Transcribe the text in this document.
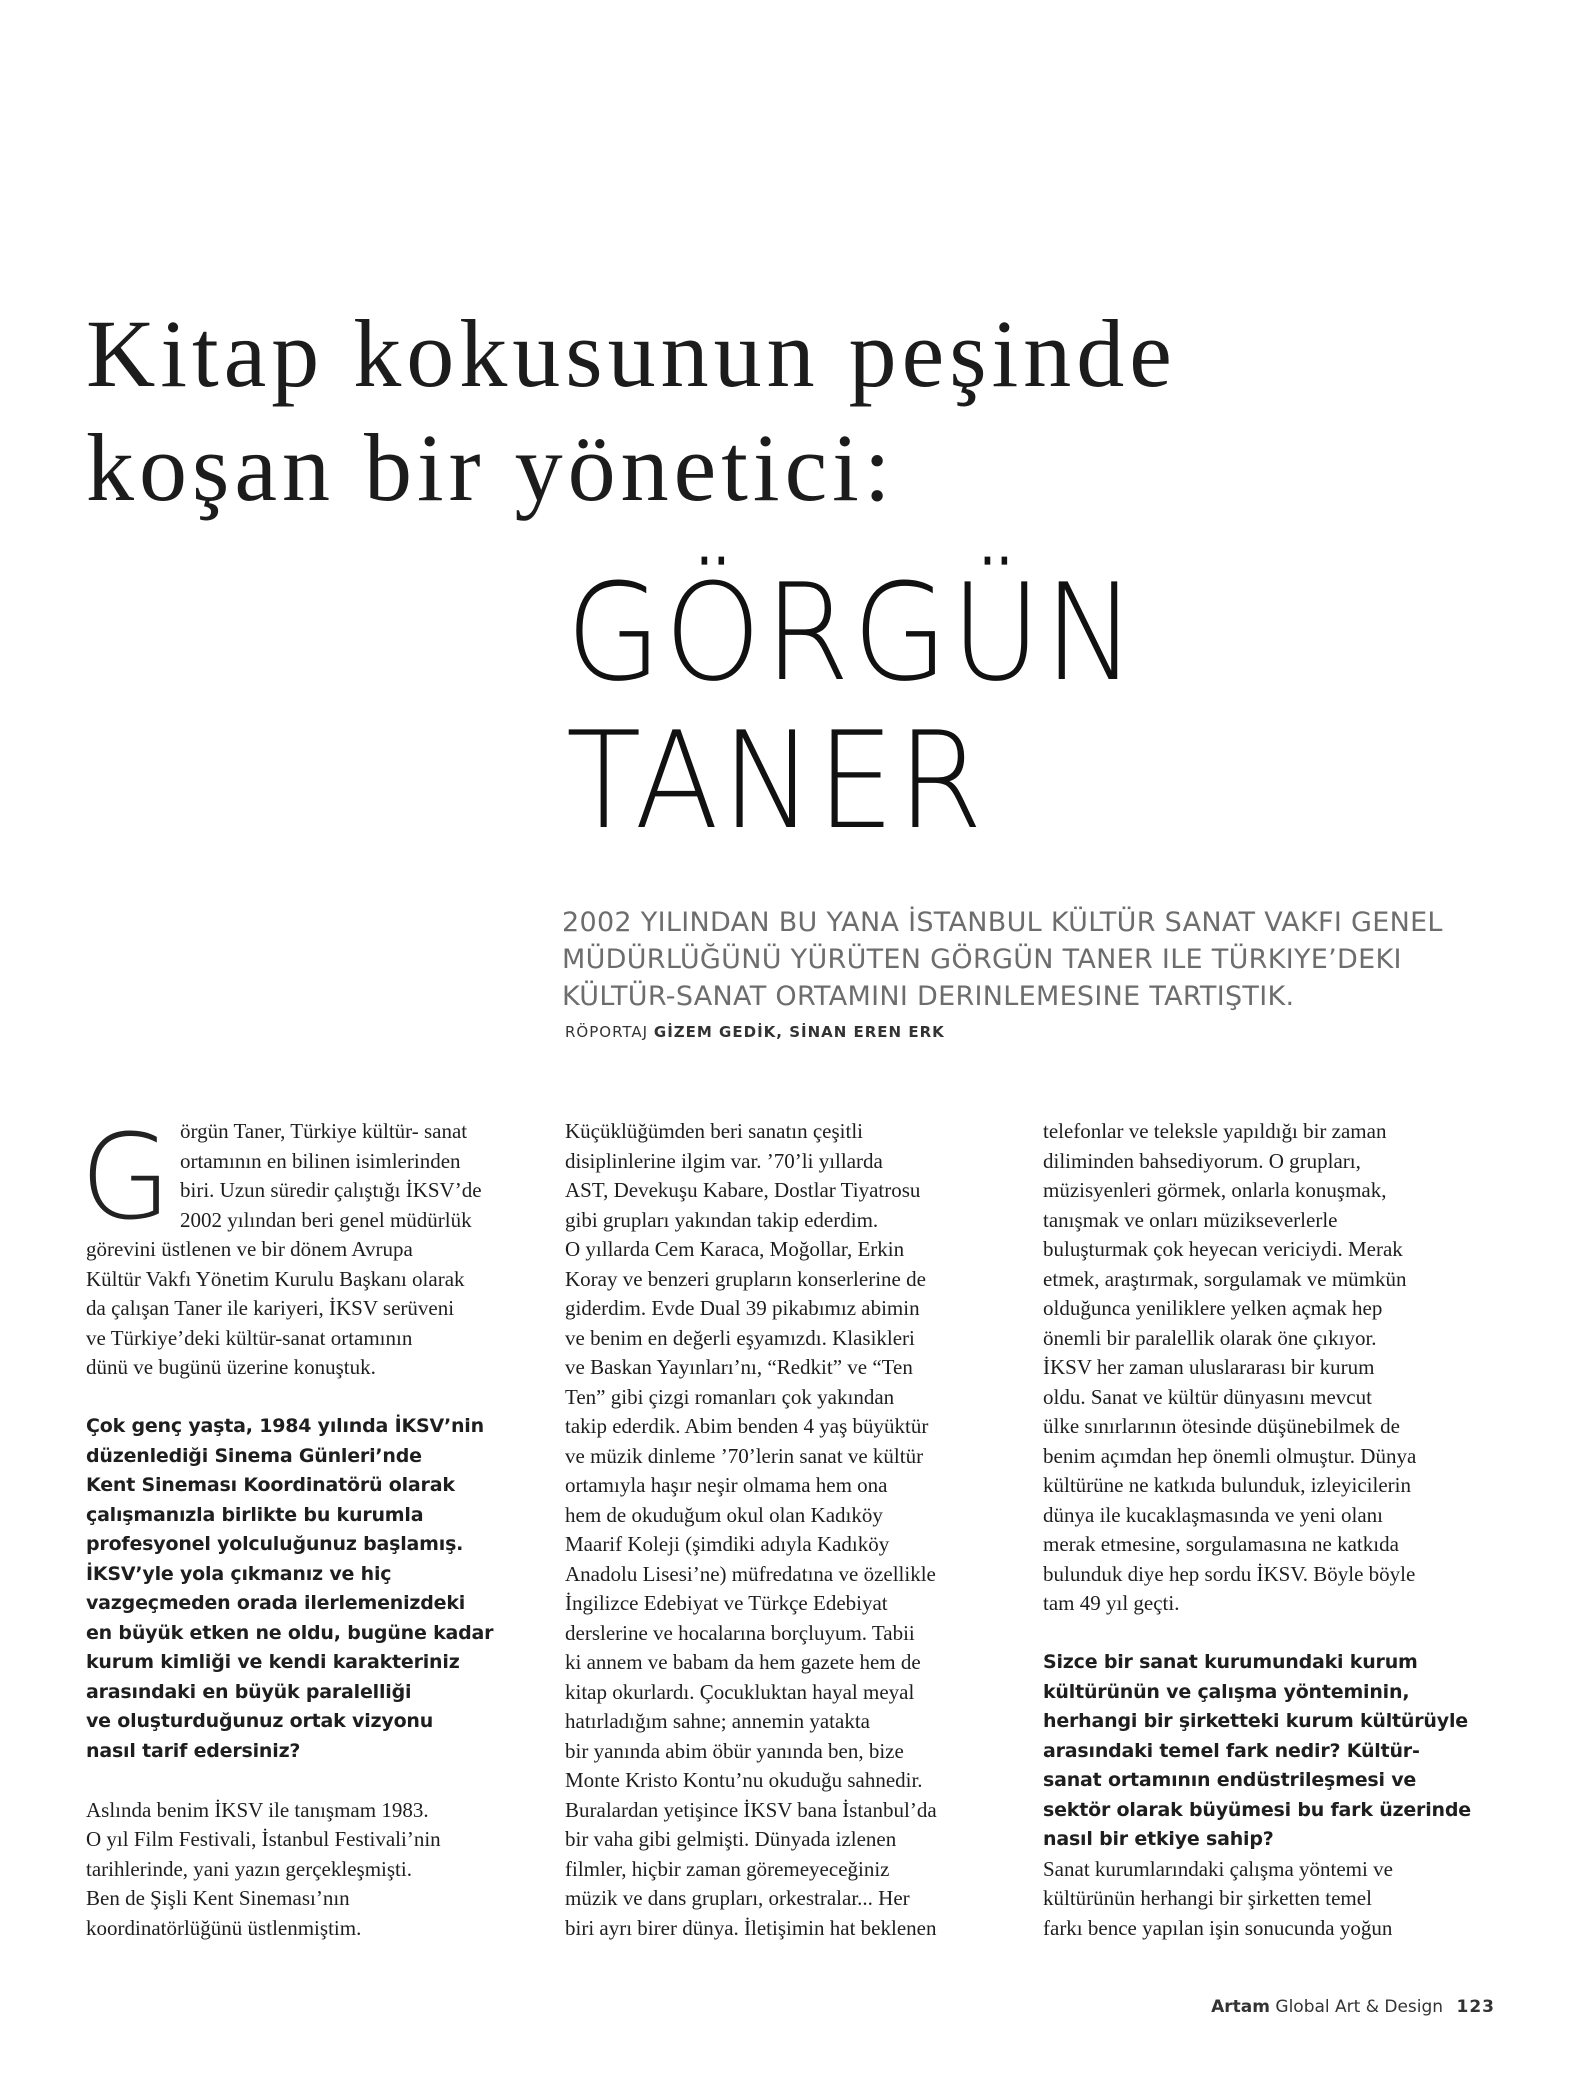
Kitap kokusunun peşinde
koşan bir yönetici:
GÖRGÜN
TANER

2002 YILINDAN BU YANA İSTANBUL KÜLTÜR SANAT VAKFI GENEL

MÜDÜRLÜĞÜNÜ YÜRÜTEN GÖRGÜN TANER ILE TÜRKIYE’DEKI

KÜLTÜR-SANAT ORTAMINI DERINLEMESINE TARTIŞTIK.

RÖPORTAJ GİZEM GEDİK, SİNAN EREN ERK
G örgün Taner, Türkiye kültür- sanat

ortamının en bilinen isimlerinden

biri. Uzun süredir çalıştığı İKSV’de

2002 yılından beri genel müdürlük

görevini üstlenen ve bir dönem Avrupa

Kültür Vakfı Yönetim Kurulu Başkanı olarak

da çalışan Taner ile kariyeri, İKSV serüveni

ve Türkiye’deki kültür-sanat ortamının

dünü ve bugünü üzerine konuştuk.

Çok genç yaşta, 1984 yılında İKSV’nin

düzenlediği Sinema Günleri’nde

Kent Sineması Koordinatörü olarak

çalışmanızla birlikte bu kurumla

profesyonel yolculuğunuz başlamış.

İKSV’yle yola çıkmanız ve hiç

vazgeçmeden orada ilerlemenizdeki

en büyük etken ne oldu, bugüne kadar

kurum kimliği ve kendi karakteriniz

arasındaki en büyük paralelliği

ve oluşturduğunuz ortak vizyonu

nasıl tarif edersiniz?

Aslında benim İKSV ile tanışmam 1983.

O yıl Film Festivali, İstanbul Festivali’nin

tarihlerinde, yani yazın gerçekleşmişti.

Ben de Şişli Kent Sineması’nın

koordinatörlüğünü üstlenmiştim.

Küçüklüğümden beri sanatın çeşitli

disiplinlerine ilgim var. ’70’li yıllarda

AST, Devekuşu Kabare, Dostlar Tiyatrosu

gibi grupları yakından takip ederdim.

O yıllarda Cem Karaca, Moğollar, Erkin

Koray ve benzeri grupların konserlerine de

giderdim. Evde Dual 39 pikabımız abimin

ve benim en değerli eşyamızdı. Klasikleri

ve Baskan Yayınları’nı, “Redkit” ve “Ten

Ten” gibi çizgi romanları çok yakından

takip ederdik. Abim benden 4 yaş büyüktür

ve müzik dinleme ’70’lerin sanat ve kültür

ortamıyla haşır neşir olmama hem ona

hem de okuduğum okul olan Kadıköy

Maarif Koleji (şimdiki adıyla Kadıköy

Anadolu Lisesi’ne) müfredatına ve özellikle

İngilizce Edebiyat ve Türkçe Edebiyat

derslerine ve hocalarına borçluyum. Tabii

ki annem ve babam da hem gazete hem de

kitap okurlardı. Çocukluktan hayal meyal

hatırladığım sahne; annemin yatakta

bir yanında abim öbür yanında ben, bize

Monte Kristo Kontu’nu okuduğu sahnedir.

Buralardan yetişince İKSV bana İstanbul’da

bir vaha gibi gelmişti. Dünyada izlenen

filmler, hiçbir zaman göremeyeceğiniz

müzik ve dans grupları, orkestralar... Her

biri ayrı birer dünya. İletişimin hat beklenen

telefonlar ve teleksle yapıldığı bir zaman

diliminden bahsediyorum. O grupları,

müzisyenleri görmek, onlarla konuşmak,

tanışmak ve onları müzikseverlerle

buluşturmak çok heyecan vericiydi. Merak

etmek, araştırmak, sorgulamak ve mümkün

olduğunca yeniliklere yelken açmak hep

önemli bir paralellik olarak öne çıkıyor.

İKSV her zaman uluslararası bir kurum

oldu. Sanat ve kültür dünyasını mevcut

ülke sınırlarının ötesinde düşünebilmek de

benim açımdan hep önemli olmuştur. Dünya

kültürüne ne katkıda bulunduk, izleyicilerin

dünya ile kucaklaşmasında ve yeni olanı

merak etmesine, sorgulamasına ne katkıda

bulunduk diye hep sordu İKSV. Böyle böyle

tam 49 yıl geçti.

Sizce bir sanat kurumundaki kurum

kültürünün ve çalışma yönteminin,

herhangi bir şirketteki kurum kültürüyle

arasındaki temel fark nedir? Kültür-

sanat ortamının endüstrileşmesi ve

sektör olarak büyümesi bu fark üzerinde

nasıl bir etkiye sahip?

Sanat kurumlarındaki çalışma yöntemi ve

kültürünün herhangi bir şirketten temel

farkı bence yapılan işin sonucunda yoğun

Artam Global Art & Design 123
